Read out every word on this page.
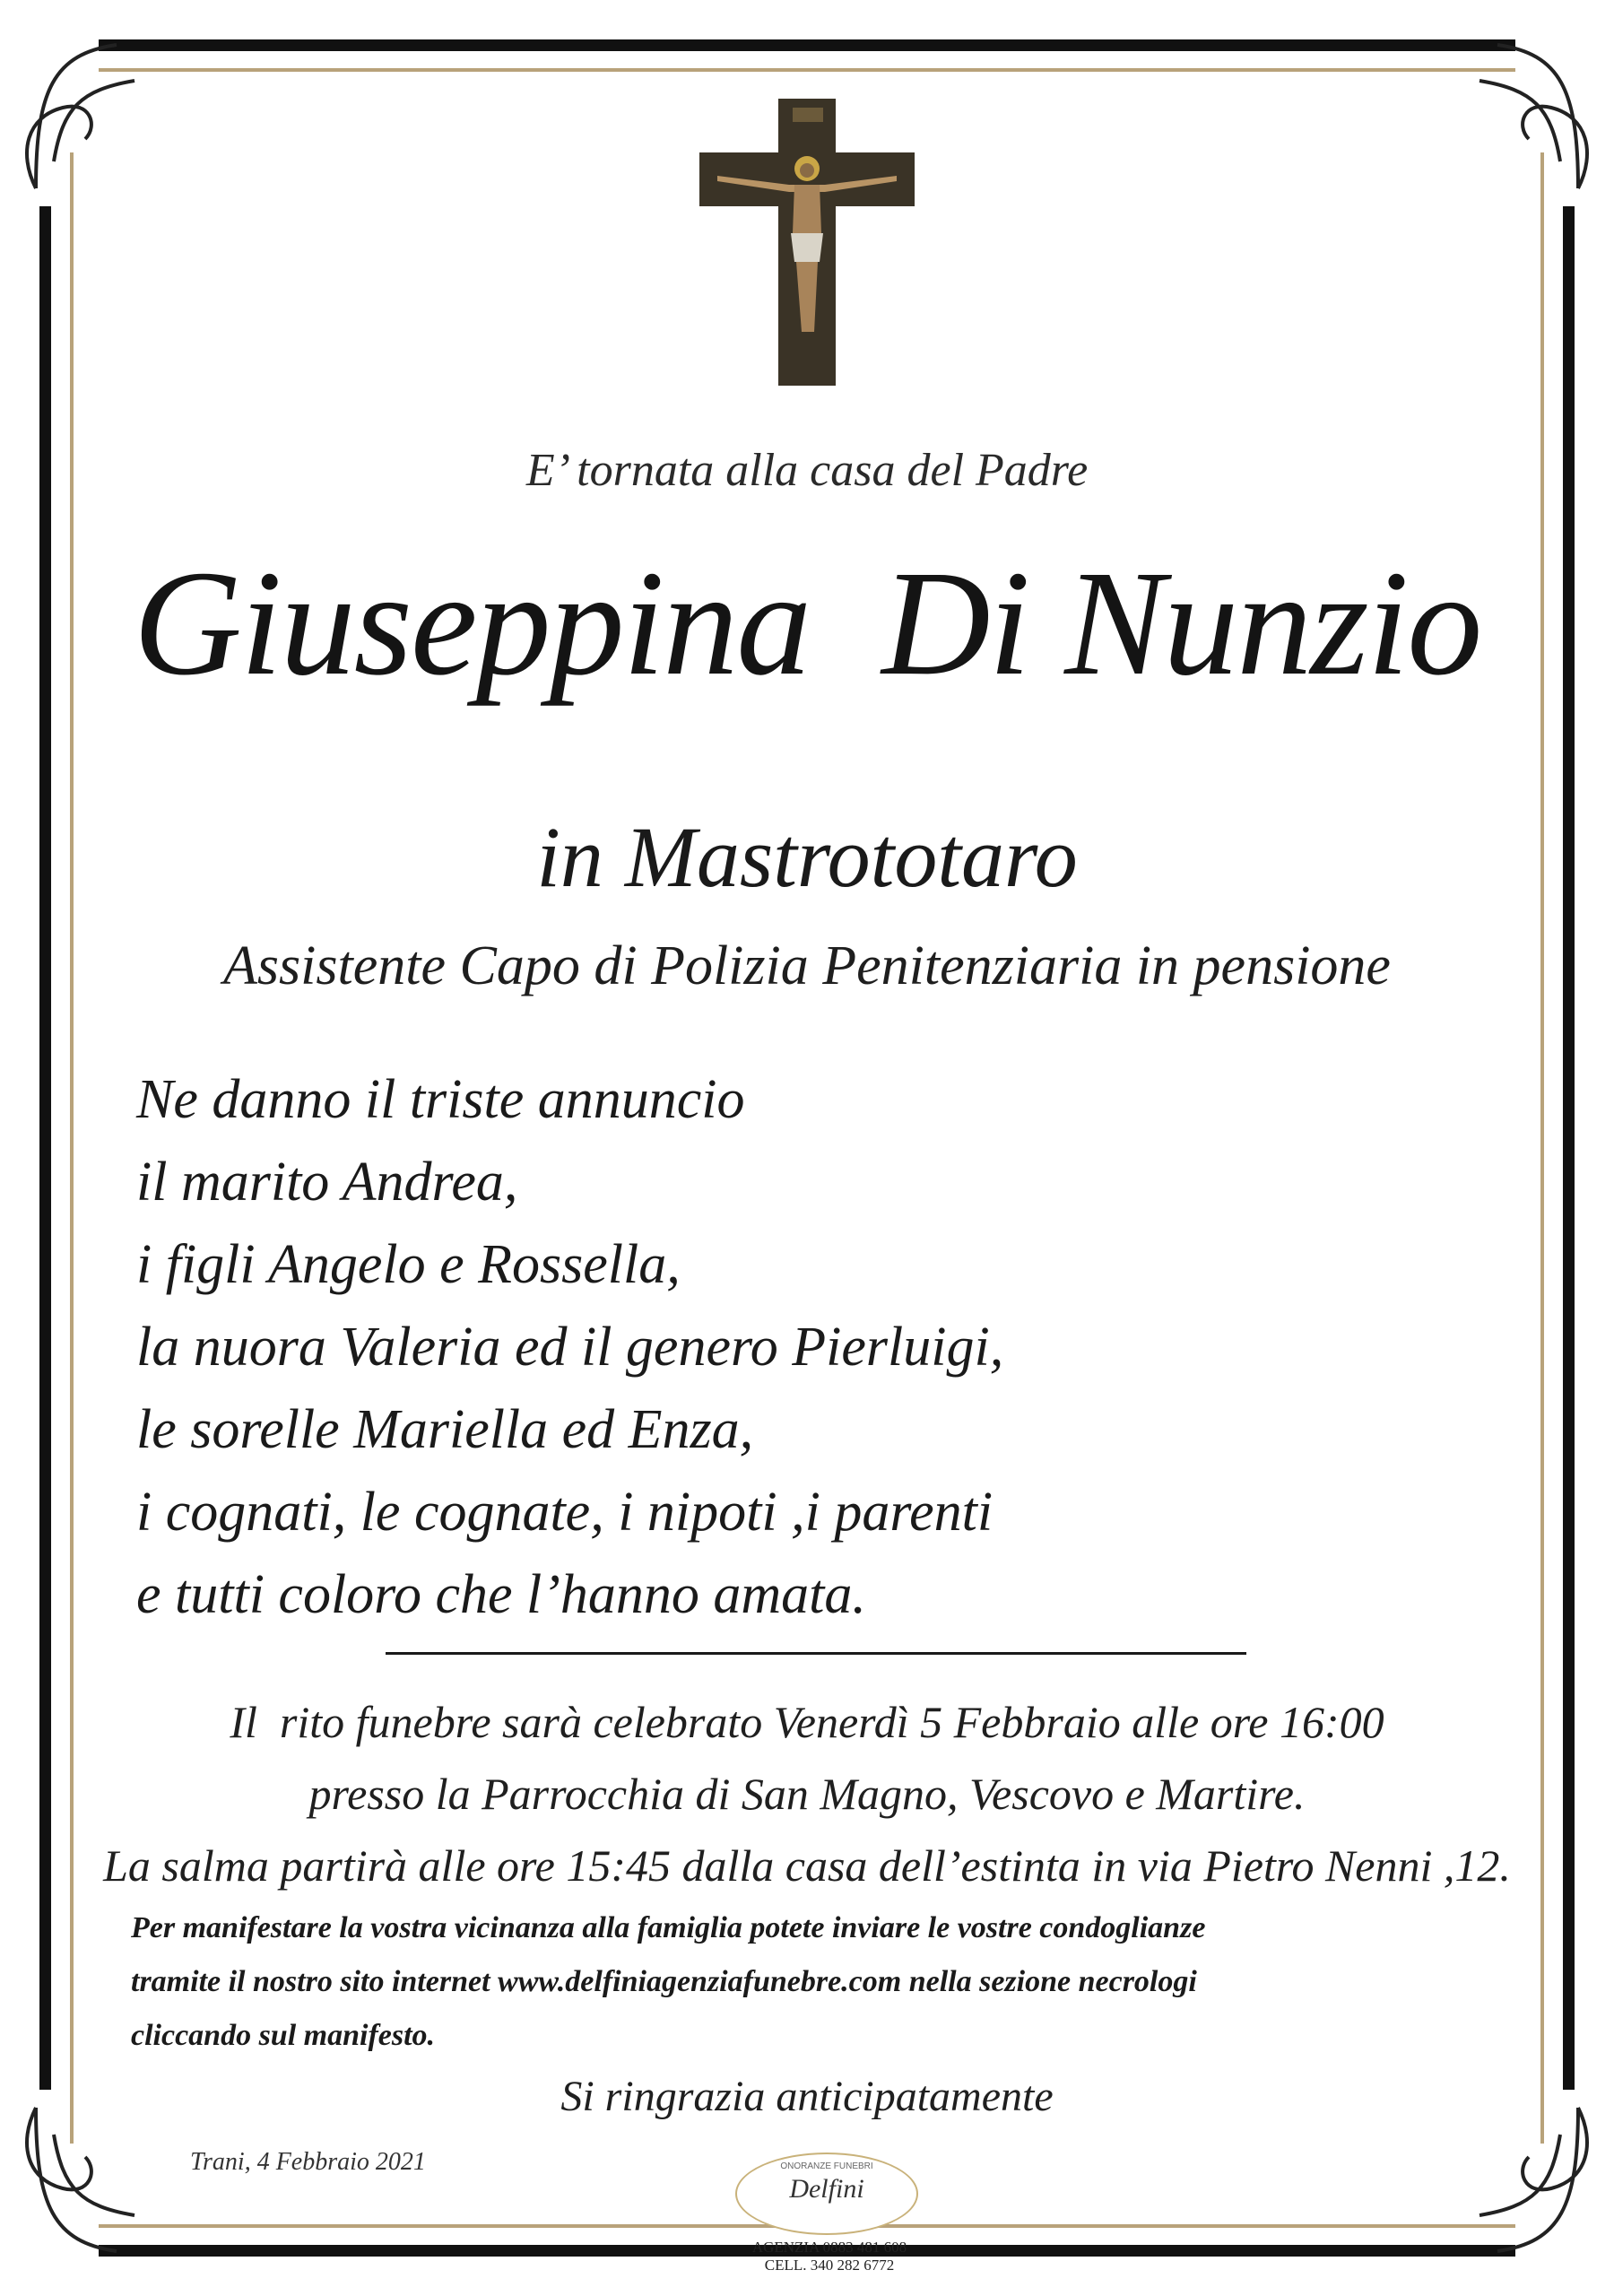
E’ tornata alla casa del Padre
Giuseppina  Di Nunzio
in Mastrototaro
Assistente Capo di Polizia Penitenziaria in pensione
Ne danno il triste annuncio
il marito Andrea,
i figli Angelo e Rossella,
la nuora Valeria ed il genero Pierluigi,
le sorelle Mariella ed Enza,
i cognati, le cognate, i nipoti ,i parenti
e tutti coloro che l’hanno amata.
Il  rito funebre sarà celebrato Venerdì 5 Febbraio alle ore 16:00
presso la Parrocchia di San Magno, Vescovo e Martire.
La salma partirà alle ore 15:45 dalla casa dell’estinta in via Pietro Nenni ,12.
Per manifestare la vostra vicinanza alla famiglia potete inviare le vostre condoglianze
tramite il nostro sito internet www.delfiniagenziafunebre.com nella sezione necrologi
cliccando sul manifesto.
Si ringrazia anticipatamente
Trani, 4 Febbraio 2021	ONORANZE FUNEBRI
Delfini
AGENZIA 0883 481 608
CELL. 340 282 6772
